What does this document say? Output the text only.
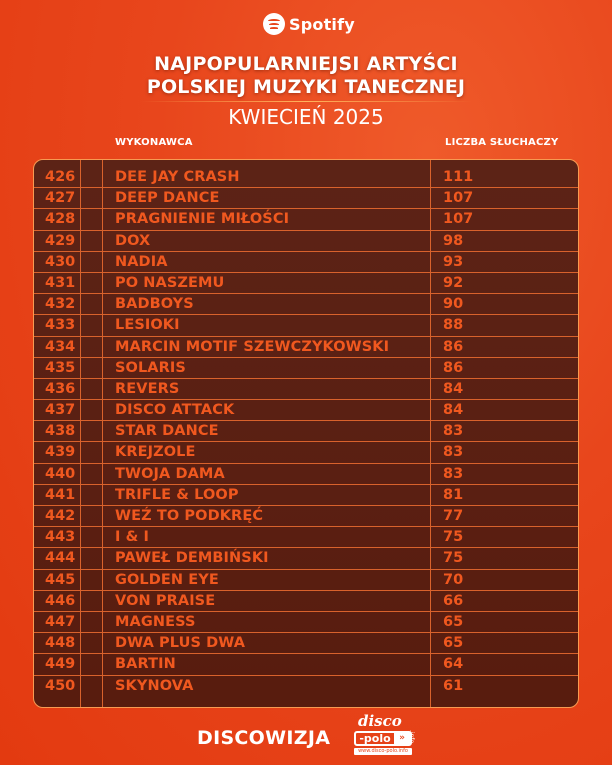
Spotify
NAJPOPULARNIEJSI ARTYŚCI
POLSKIEJ MUZYKI TANECZNEJ
KWIECIEŃ 2025
WYKONAWCA	LICZBA SŁUCHACZY
426	DEE JAY CRASH	111
427	DEEP DANCE	107
428	PRAGNIENIE MIŁOŚCI	107
429	DOX	98
430	NADIA	93
431	PO NASZEMU	92
432	BADBOYS	90
433	LESIOKI	88
434	MARCIN MOTIF SZEWCZYKOWSKI	86
435	SOLARIS	86
436	REVERS	84
437	DISCO ATTACK	84
438	STAR DANCE	83
439	KREJZOLE	83
440	TWOJA DAMA	83
441	TRIFLE & LOOP	81
442	WEŹ TO PODKRĘĆ	77
443	I & I	75
444	PAWEŁ DEMBIŃSKI	75
445	GOLDEN EYE	70
446	VON PRAISE	66
447	MAGNESS	65
448	DWA PLUS DWA	65
449	BARTIN	64
450	SKYNOVA	61
DISCOWIZJA
disco
-polo » .info
www.disco-polo.info
